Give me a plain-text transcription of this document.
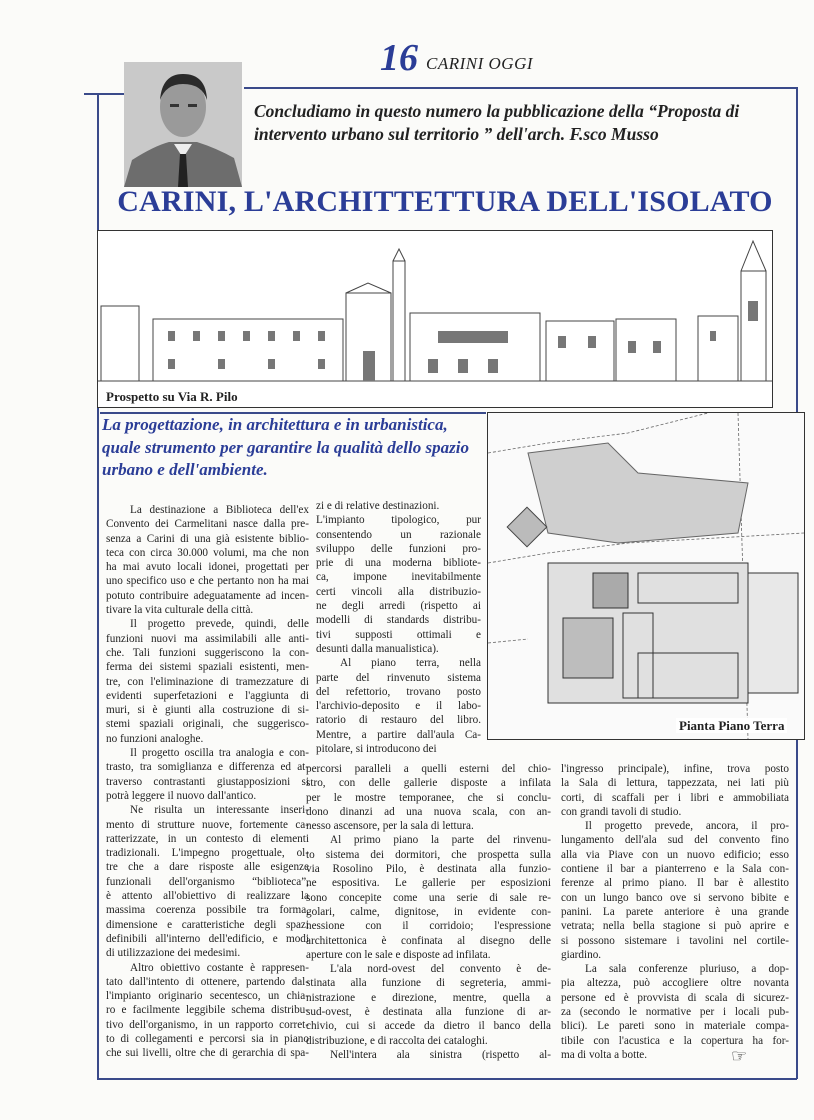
16 CARINI OGGI
Concludiamo in questo numero la pubblicazione della “Proposta di intervento urbano sul territorio ” dell'arch. F.sco Musso
CARINI, L'ARCHITTETTURA DELL'ISOLATO
Prospetto su Via R. Pilo
La progettazione, in architettura e in urbanistica, quale strumento per garantire la qualità dello spazio urbano e dell'ambiente.
Pianta Piano Terra
La destinazione a Biblioteca dell'ex
Convento dei Carmelitani nasce dalla pre-
senza a Carini di una già esistente biblio-
teca con circa 30.000 volumi, ma che non
ha mai avuto locali idonei, progettati per
uno specifico uso e che pertanto non ha mai
potuto contribuire adeguatamente ad incen-
tivare la vita culturale della città.
Il progetto prevede, quindi, delle
funzioni nuovi ma assimilabili alle anti-
che. Tali funzioni suggeriscono la con-
ferma dei sistemi spaziali esistenti, men-
tre, con l'eliminazione di tramezzature di
evidenti superfetazioni e l'aggiunta di
muri, si è giunti alla costruzione di si-
stemi spaziali originali, che suggerisco-
no funzioni analoghe.
Il progetto oscilla tra analogia e con-
trasto, tra somiglianza e differenza ed at-
traverso contrastanti giustapposizioni si
potrà leggere il nuovo dall'antico.
Ne risulta un interessante inseri-
mento di strutture nuove, fortemente ca-
ratterizzate, in un contesto di elementi
tradizionali. L'impegno progettuale, ol-
tre che a dare risposte alle esigenze
funzionali dell'organismo “biblioteca”,
è attento all'obiettivo di realizzare la
massima coerenza possibile tra forma,
dimensione e caratteristiche degli spazi
definibili all'interno dell'edificio, e modi
di utilizzazione dei medesimi.
Altro obiettivo costante è rappresen-
tato dall'intento di ottenere, partendo dal-
l'impianto originario secentesco, un chia-
ro e facilmente leggibile schema distribu-
tivo dell'organismo, in un rapporto corret-
to di collegamenti e percorsi sia in piano
che sui livelli, oltre che di gerarchia di spa-
zi e di relative destinazioni.
L'impianto tipologico, pur
consentendo un razionale
sviluppo delle funzioni pro-
prie di una moderna bibliote-
ca, impone inevitabilmente
certi vincoli alla distribuzio-
ne degli arredi (rispetto ai
modelli di standards distribu-
tivi supposti ottimali e
desunti dalla manualistica).
Al piano terra, nella
parte del rinvenuto sistema
del refettorio, trovano posto
l'archivio-deposito e il labo-
ratorio di restauro del libro.
Mentre, a partire dall'aula Ca-
pitolare, si introducono dei
percorsi paralleli a quelli esterni del chio-
stro, con delle gallerie disposte a infilata
per le mostre temporanee, che si conclu-
dono dinanzi ad una nuova scala, con an-
nesso ascensore, per la sala di lettura.
Al primo piano la parte del rinvenu-
to sistema dei dormitori, che prospetta sulla
via Rosolino Pilo, è destinata alla funzio-
ne espositiva. Le gallerie per esposizioni
sono concepite come una serie di sale re-
golari, calme, dignitose, in evidente con-
nessione con il corridoio; l'espressione
architettonica è confinata al disegno delle
aperture con le sale e disposte ad infilata.
L'ala nord-ovest del convento è de-
stinata alla funzione di segreteria, ammi-
nistrazione e direzione, mentre, quella a
sud-ovest, è destinata alla funzione di ar-
chivio, cui si accede da dietro il banco della
distribuzione, e di raccolta dei cataloghi.
Nell'intera ala sinistra (rispetto al-
l'ingresso principale), infine, trova posto
la Sala di lettura, tappezzata, nei lati più
corti, di scaffali per i libri e ammobiliata
con grandi tavoli di studio.
Il progetto prevede, ancora, il pro-
lungamento dell'ala sud del convento fino
alla via Piave con un nuovo edificio; esso
contiene il bar a pianterreno e la Sala con-
ferenze al primo piano. Il bar è allestito
con un lungo banco ove si servono bibite e
panini. La parete anteriore è una grande
vetrata; nella bella stagione si può aprire e
si possono sistemare i tavolini nel cortile-
giardino.
La sala conferenze pluriuso, a dop-
pia altezza, può accogliere oltre novanta
persone ed è provvista di scala di sicurez-
za (secondo le normative per i locali pub-
blici). Le pareti sono in materiale compa-
tibile con l'acustica e la copertura ha for-
ma di volta a botte.	☞
